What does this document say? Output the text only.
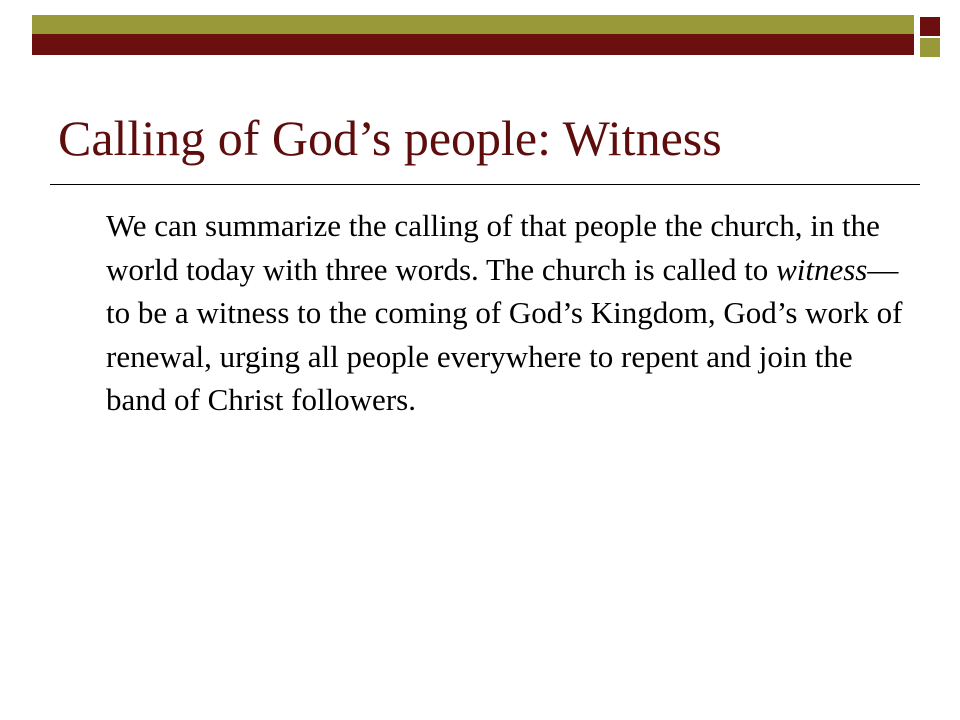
Calling of God’s people: Witness

We can summarize the calling of that people the church, in the world today with three words. The church is called to witness—to be a witness to the coming of God’s Kingdom, God’s work of renewal, urging all people everywhere to repent and join the band of Christ followers.
